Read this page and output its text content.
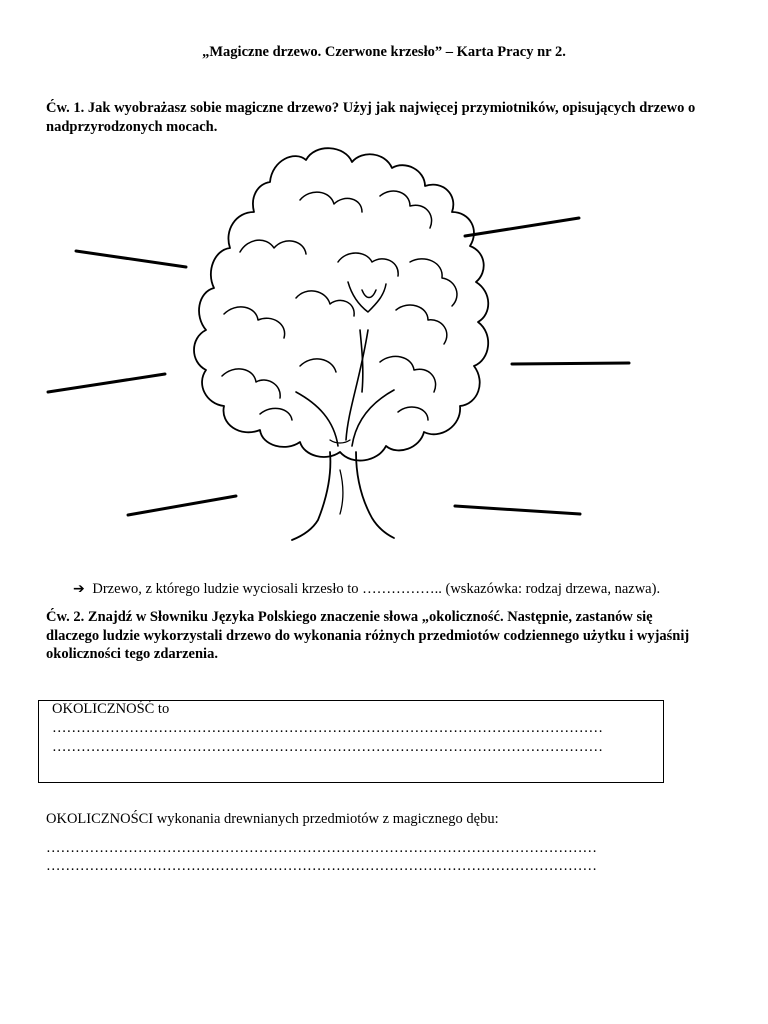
„Magiczne drzewo. Czerwone krzesło” – Karta Pracy nr 2.
Ćw. 1. Jak wyobrażasz sobie magiczne drzewo? Użyj jak najwięcej przymiotników, opisujących drzewo o nadprzyrodzonych mocach.
➔ Drzewo, z którego ludzie wyciosali krzesło to …………….. (wskazówka: rodzaj drzewa, nazwa).
Ćw. 2. Znajdź w Słowniku Języka Polskiego znaczenie słowa „okoliczność. Następnie, zastanów się dlaczego ludzie wykorzystali drzewo do wykonania różnych przedmiotów codziennego użytku i wyjaśnij okoliczności tego zdarzenia.
OKOLICZNOŚĆ to
……………………………………………………………………………………………………
……………………………………………………………………………………………………
OKOLICZNOŚCI wykonania drewnianych przedmiotów z magicznego dębu:
……………………………………………………………………………………………………
……………………………………………………………………………………………………
